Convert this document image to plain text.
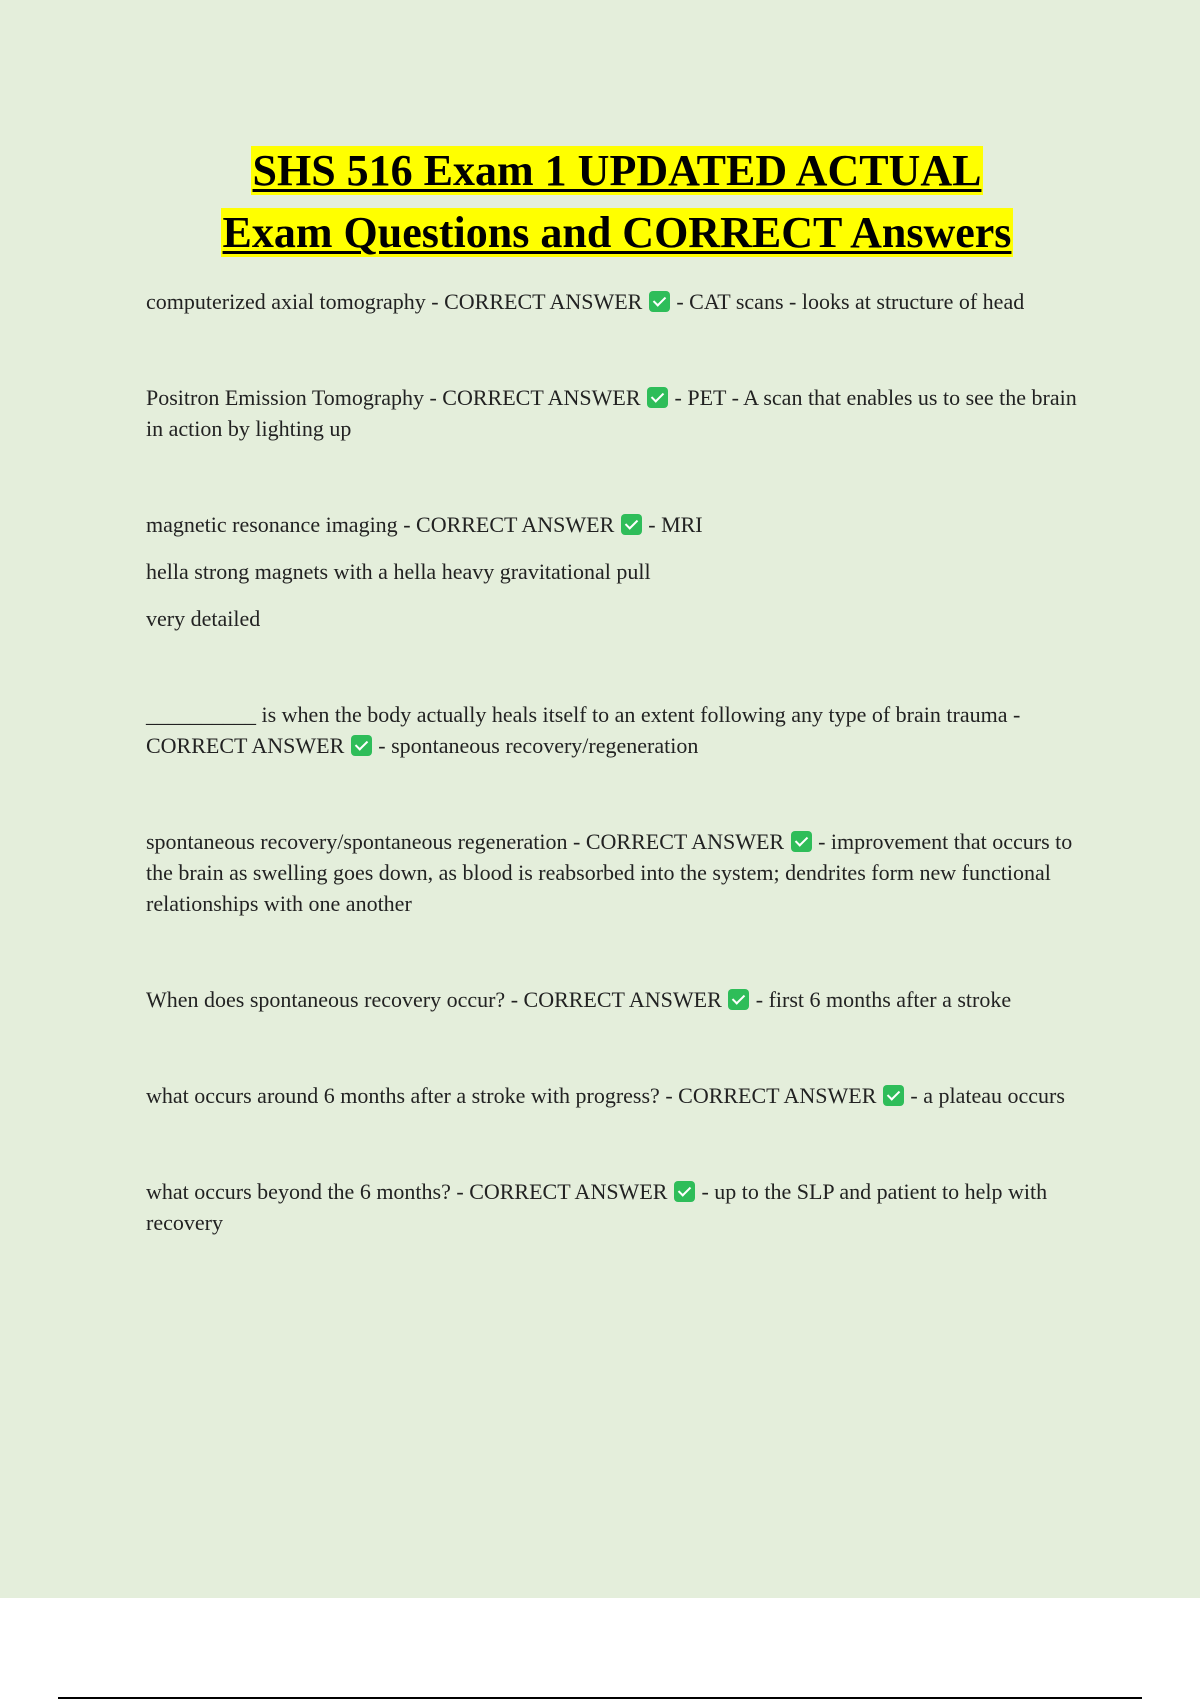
SHS 516 Exam 1 UPDATED ACTUAL
Exam Questions and CORRECT Answers

computerized axial tomography - CORRECT ANSWER - CAT scans - looks at structure of head

Positron Emission Tomography - CORRECT ANSWER - PET - A scan that enables us to see the brain in action by lighting up

magnetic resonance imaging - CORRECT ANSWER - MRI

hella strong magnets with a hella heavy gravitational pull

very detailed

__________ is when the body actually heals itself to an extent following any type of brain trauma - CORRECT ANSWER - spontaneous recovery/regeneration

spontaneous recovery/spontaneous regeneration - CORRECT ANSWER - improvement that occurs to the brain as swelling goes down, as blood is reabsorbed into the system; dendrites form new functional relationships with one another

When does spontaneous recovery occur? - CORRECT ANSWER - first 6 months after a stroke

what occurs around 6 months after a stroke with progress? - CORRECT ANSWER - a plateau occurs

what occurs beyond the 6 months? - CORRECT ANSWER - up to the SLP and patient to help with recovery
